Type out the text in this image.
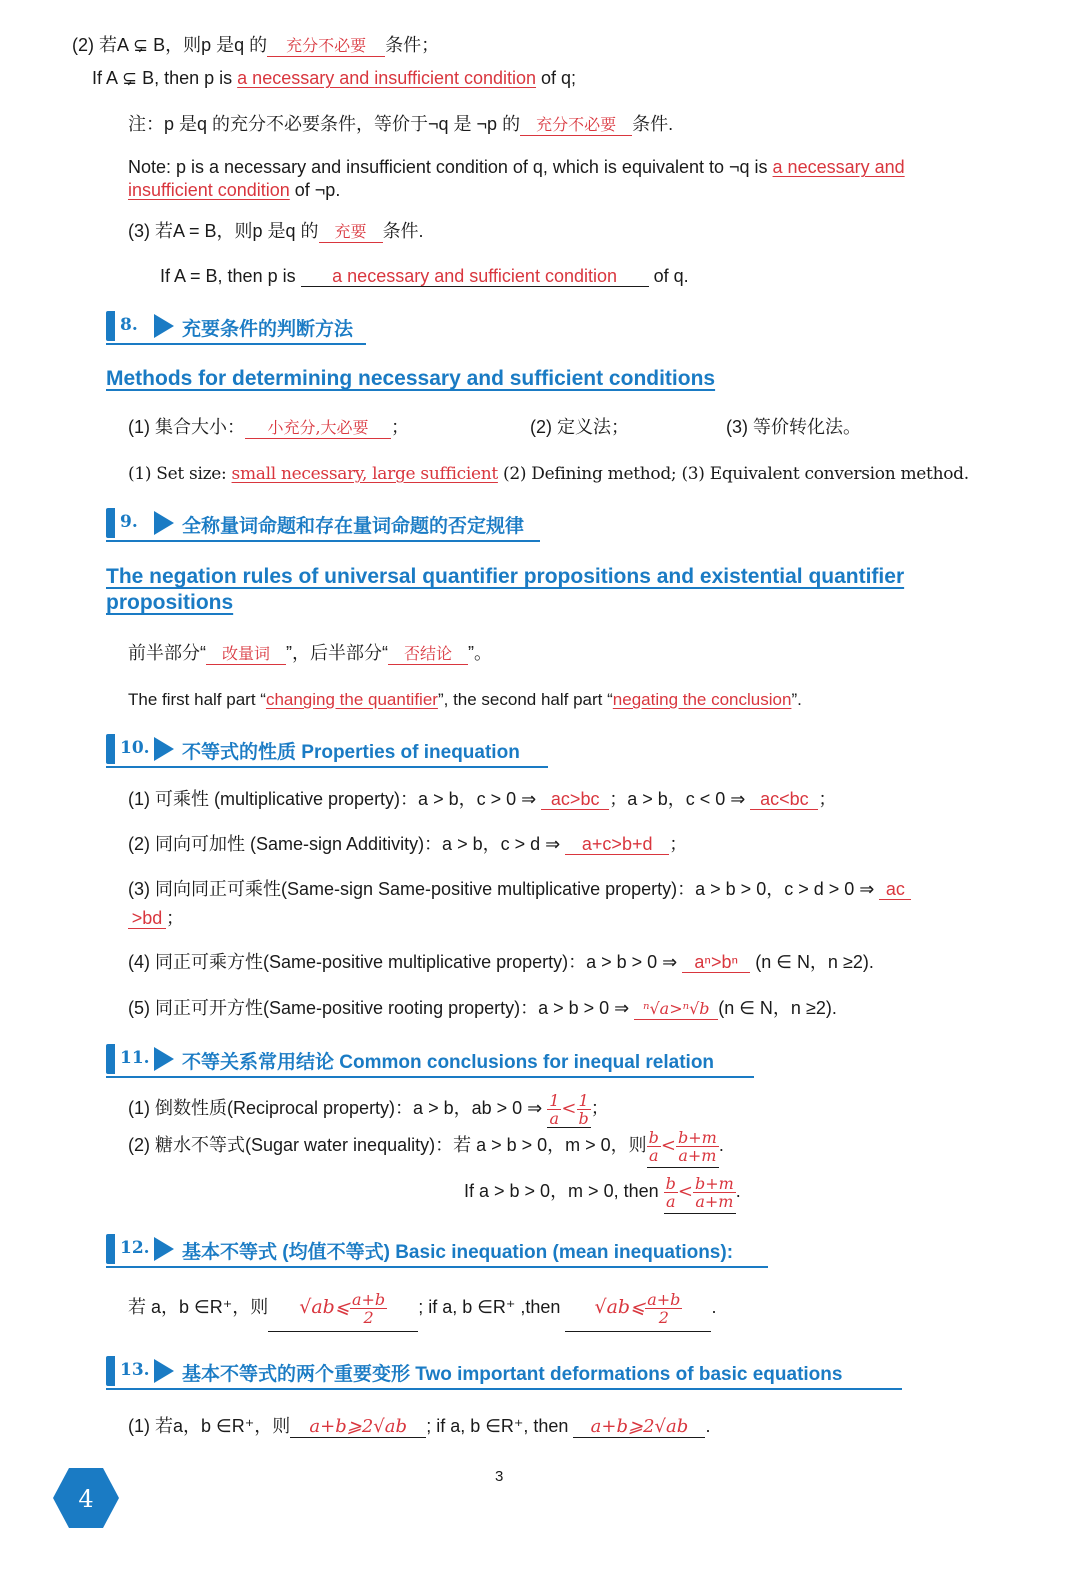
(2) 若A ⊊ B，则p 是q 的 充分不必要 条件；
If A ⊊ B, then p is a necessary and insufficient condition of q;
注：p 是q 的充分不必要条件，等价于¬q 是 ¬p 的 充分不必要 条件.
Note: p is a necessary and insufficient condition of q, which is equivalent to ¬q is a necessary and
insufficient condition of ¬p.
(3) 若A = B，则p 是q 的 充要 条件.
If A = B, then p is a necessary and sufficient condition of q.
8. 充要条件的判断方法
Methods for determining necessary and sufficient conditions
(1) 集合大小： 小充分,大必要 ；	(2) 定义法；	(3) 等价转化法。
(1) Set size: small necessary, large sufficient (2) Defining method; (3) Equivalent conversion method.
9. 全称量词命题和存在量词命题的否定规律
The negation rules of universal quantifier propositions and existential quantifier
propositions
前半部分“ 改量词 ”，后半部分“ 否结论 ”。
The first half part “changing the quantifier”, the second half part “negating the conclusion”.
10. 不等式的性质 Properties of inequation
(1) 可乘性 (multiplicative property)：a > b，c > 0 ⇒ ac>bc ；a > b，c < 0 ⇒ ac<bc ；
(2) 同向可加性 (Same-sign Additivity)：a > b，c > d ⇒ a+c>b+d ；
(3) 同向同正可乘性(Same-sign Same-positive multiplicative property)：a > b > 0，c > d > 0 ⇒ ac
>bd ；
(4) 同正可乘方性(Same-positive multiplicative property)：a > b > 0 ⇒ aⁿ>bⁿ (n ∈ N，n ≥2).
(5) 同正可开方性(Same-positive rooting property)：a > b > 0 ⇒ ⁿ√a>ⁿ√b (n ∈ N，n ≥2).
11. 不等关系常用结论 Common conclusions for inequal relation
(1) 倒数性质(Reciprocal property)：a > b，ab > 0 ⇒ $\frac{1}{a} < \frac{1}{b}$ ；
(2) 糖水不等式(Sugar water inequality)：若 a > b > 0，m > 0，则 $\frac{b}{a} < \frac{b+m}{a+m}$ .
If a > b > 0，m > 0, then $\frac{b}{a} < \frac{b+m}{a+m}$ .
12. 基本不等式 (均值不等式) Basic inequation (mean inequations):
若 a，b ∈R⁺，则 √ab⩽ $\frac{a+b}{2}$ ; if a, b ∈R⁺ ,then √ab⩽ $\frac{a+b}{2}$ .
13. 基本不等式的两个重要变形 Two important deformations of basic equations
(1) 若a，b ∈R⁺，则 a+b⩾2√ab ; if a, b ∈R⁺, then a+b⩾2√ab .
3
4
